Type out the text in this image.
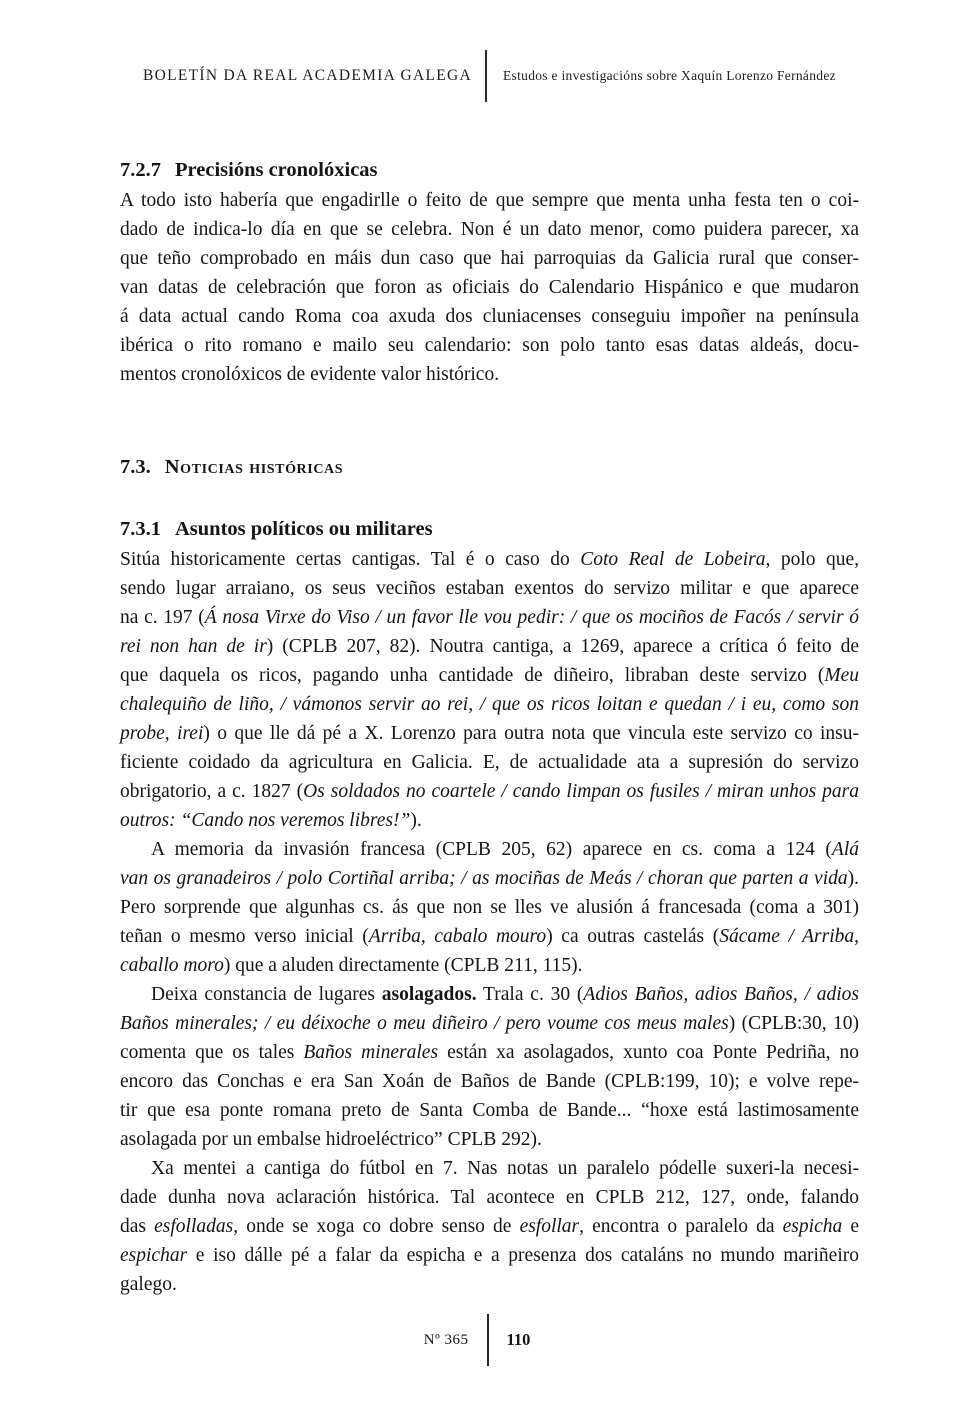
BOLETÍN DA REAL ACADEMIA GALEGA	Estudos e investigacións sobre Xaquín Lorenzo Fernández
7.2.7 Precisións cronolóxicas
A todo isto habería que engadirlle o feito de que sempre que menta unha festa ten o coi-
dado de indica-lo día en que se celebra. Non é un dato menor, como puidera parecer, xa
que teño comprobado en máis dun caso que hai parroquias da Galicia rural que conser-
van datas de celebración que foron as oficiais do Calendario Hispánico e que mudaron
á data actual cando Roma coa axuda dos cluniacenses conseguiu impoñer na península
ibérica o rito romano e mailo seu calendario: son polo tanto esas datas aldeás, docu-
mentos cronolóxicos de evidente valor histórico.
7.3. Noticias históricas
7.3.1 Asuntos políticos ou militares
Sitúa historicamente certas cantigas. Tal é o caso do Coto Real de Lobeira, polo que,
sendo lugar arraiano, os seus veciños estaban exentos do servizo militar e que aparece
na c. 197 (Á nosa Virxe do Viso / un favor lle vou pedir: / que os mociños de Facós / servir ó
rei non han de ir) (CPLB 207, 82). Noutra cantiga, a 1269, aparece a crítica ó feito de
que daquela os ricos, pagando unha cantidade de diñeiro, libraban deste servizo (Meu
chalequiño de liño, / vámonos servir ao rei, / que os ricos loitan e quedan / i eu, como son
probe, irei) o que lle dá pé a X. Lorenzo para outra nota que vincula este servizo co insu-
ficiente coidado da agricultura en Galicia. E, de actualidade ata a supresión do servizo
obrigatorio, a c. 1827 (Os soldados no coartele / cando limpan os fusiles / miran unhos para
outros: “Cando nos veremos libres!”).
A memoria da invasión francesa (CPLB 205, 62) aparece en cs. coma a 124 (Alá
van os granadeiros / polo Cortiñal arriba; / as mociñas de Meás / choran que parten a vida).
Pero sorprende que algunhas cs. ás que non se lles ve alusión á francesada (coma a 301)
teñan o mesmo verso inicial (Arriba, cabalo mouro) ca outras castelás (Sácame / Arriba,
caballo moro) que a aluden directamente (CPLB 211, 115).
Deixa constancia de lugares asolagados. Trala c. 30 (Adios Baños, adios Baños, / adios
Baños minerales; / eu déixoche o meu diñeiro / pero voume cos meus males) (CPLB:30, 10)
comenta que os tales Baños minerales están xa asolagados, xunto coa Ponte Pedriña, no
encoro das Conchas e era San Xoán de Baños de Bande (CPLB:199, 10); e volve repe-
tir que esa ponte romana preto de Santa Comba de Bande... “hoxe está lastimosamente
asolagada por un embalse hidroeléctrico” CPLB 292).
Xa mentei a cantiga do fútbol en 7. Nas notas un paralelo pódelle suxeri-la necesi-
dade dunha nova aclaración histórica. Tal acontece en CPLB 212, 127, onde, falando
das esfolladas, onde se xoga co dobre senso de esfollar, encontra o paralelo da espicha e
espichar e iso dálle pé a falar da espicha e a presenza dos cataláns no mundo mariñeiro
galego.
Nº 365	110
